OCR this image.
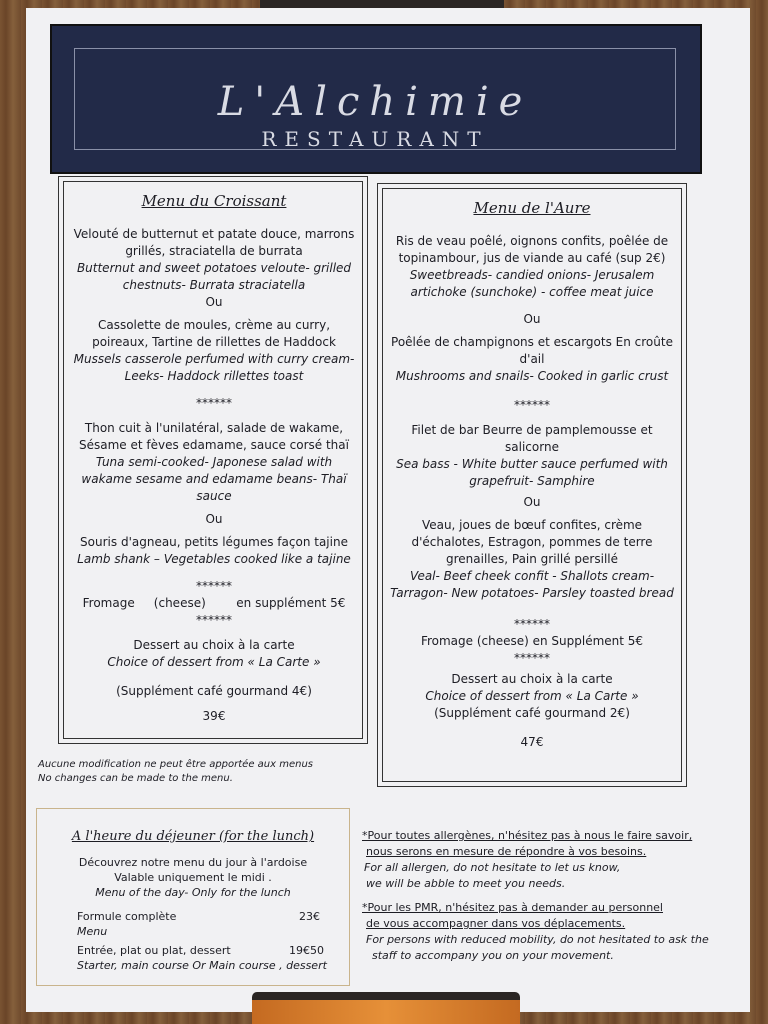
L'Alchimie
RESTAURANT

Menu du Croissant

Velouté de butternut et patate douce, marrons grillés, straciatella de burrata

Butternut and sweet potatoes veloute- grilled chestnuts- Burrata straciatella

Ou

Cassolette de moules, crème au curry, poireaux, Tartine de rillettes de Haddock

Mussels casserole perfumed with curry cream- Leeks- Haddock rillettes toast

******

Thon cuit à l'unilatéral, salade de wakame, Sésame et fèves edamame, sauce corsé thaï

Tuna semi-cooked- Japonese salad with wakame sesame and edamame beans- Thaï sauce

Ou

Souris d'agneau, petits légumes façon tajine

Lamb shank – Vegetables cooked like a tajine

******

Fromage (cheese)	en supplément 5€

******

Dessert au choix à la carte

Choice of dessert from « La Carte »

(Supplément café gourmand 4€)

39€

Menu de l'Aure

Ris de veau poêlé, oignons confits, poêlée de topinambour, jus de viande au café (sup 2€)

Sweetbreads- candied onions- Jerusalem artichoke (sunchoke) - coffee meat juice

Ou

Poêlée de champignons et escargots En croûte d'ail

Mushrooms and snails- Cooked in garlic crust

******

Filet de bar Beurre de pamplemousse et salicorne

Sea bass - White butter sauce perfumed with grapefruit- Samphire

Ou

Veau, joues de bœuf confites, crème d'échalotes, Estragon, pommes de terre grenailles, Pain grillé persillé

Veal- Beef cheek confit - Shallots cream- Tarragon- New potatoes- Parsley toasted bread

******

Fromage (cheese) en Supplément 5€

******

Dessert au choix à la carte

Choice of dessert from « La Carte »

(Supplément café gourmand 2€)

47€

Aucune modification ne peut être apportée aux menus
No changes can be made to the menu.
A l'heure du déjeuner (for the lunch)
Découvrez notre menu du jour à l'ardoise
Valable uniquement le midi .
Menu of the day- Only for the lunch
Formule complète	23€
Menu
Entrée, plat ou plat, dessert	19€50
Starter, main course Or Main course , dessert

*Pour toutes allergènes, n'hésitez pas à nous le faire savoir,

nous serons en mesure de répondre à vos besoins.

For all allergen, do not hesitate to let us know,

we will be abble to meet you needs.

*Pour les PMR, n'hésitez pas à demander au personnel

de vous accompagner dans vos déplacements.

For persons with reduced mobility, do not hesitated to ask the

staff to accompany you on your movement.
